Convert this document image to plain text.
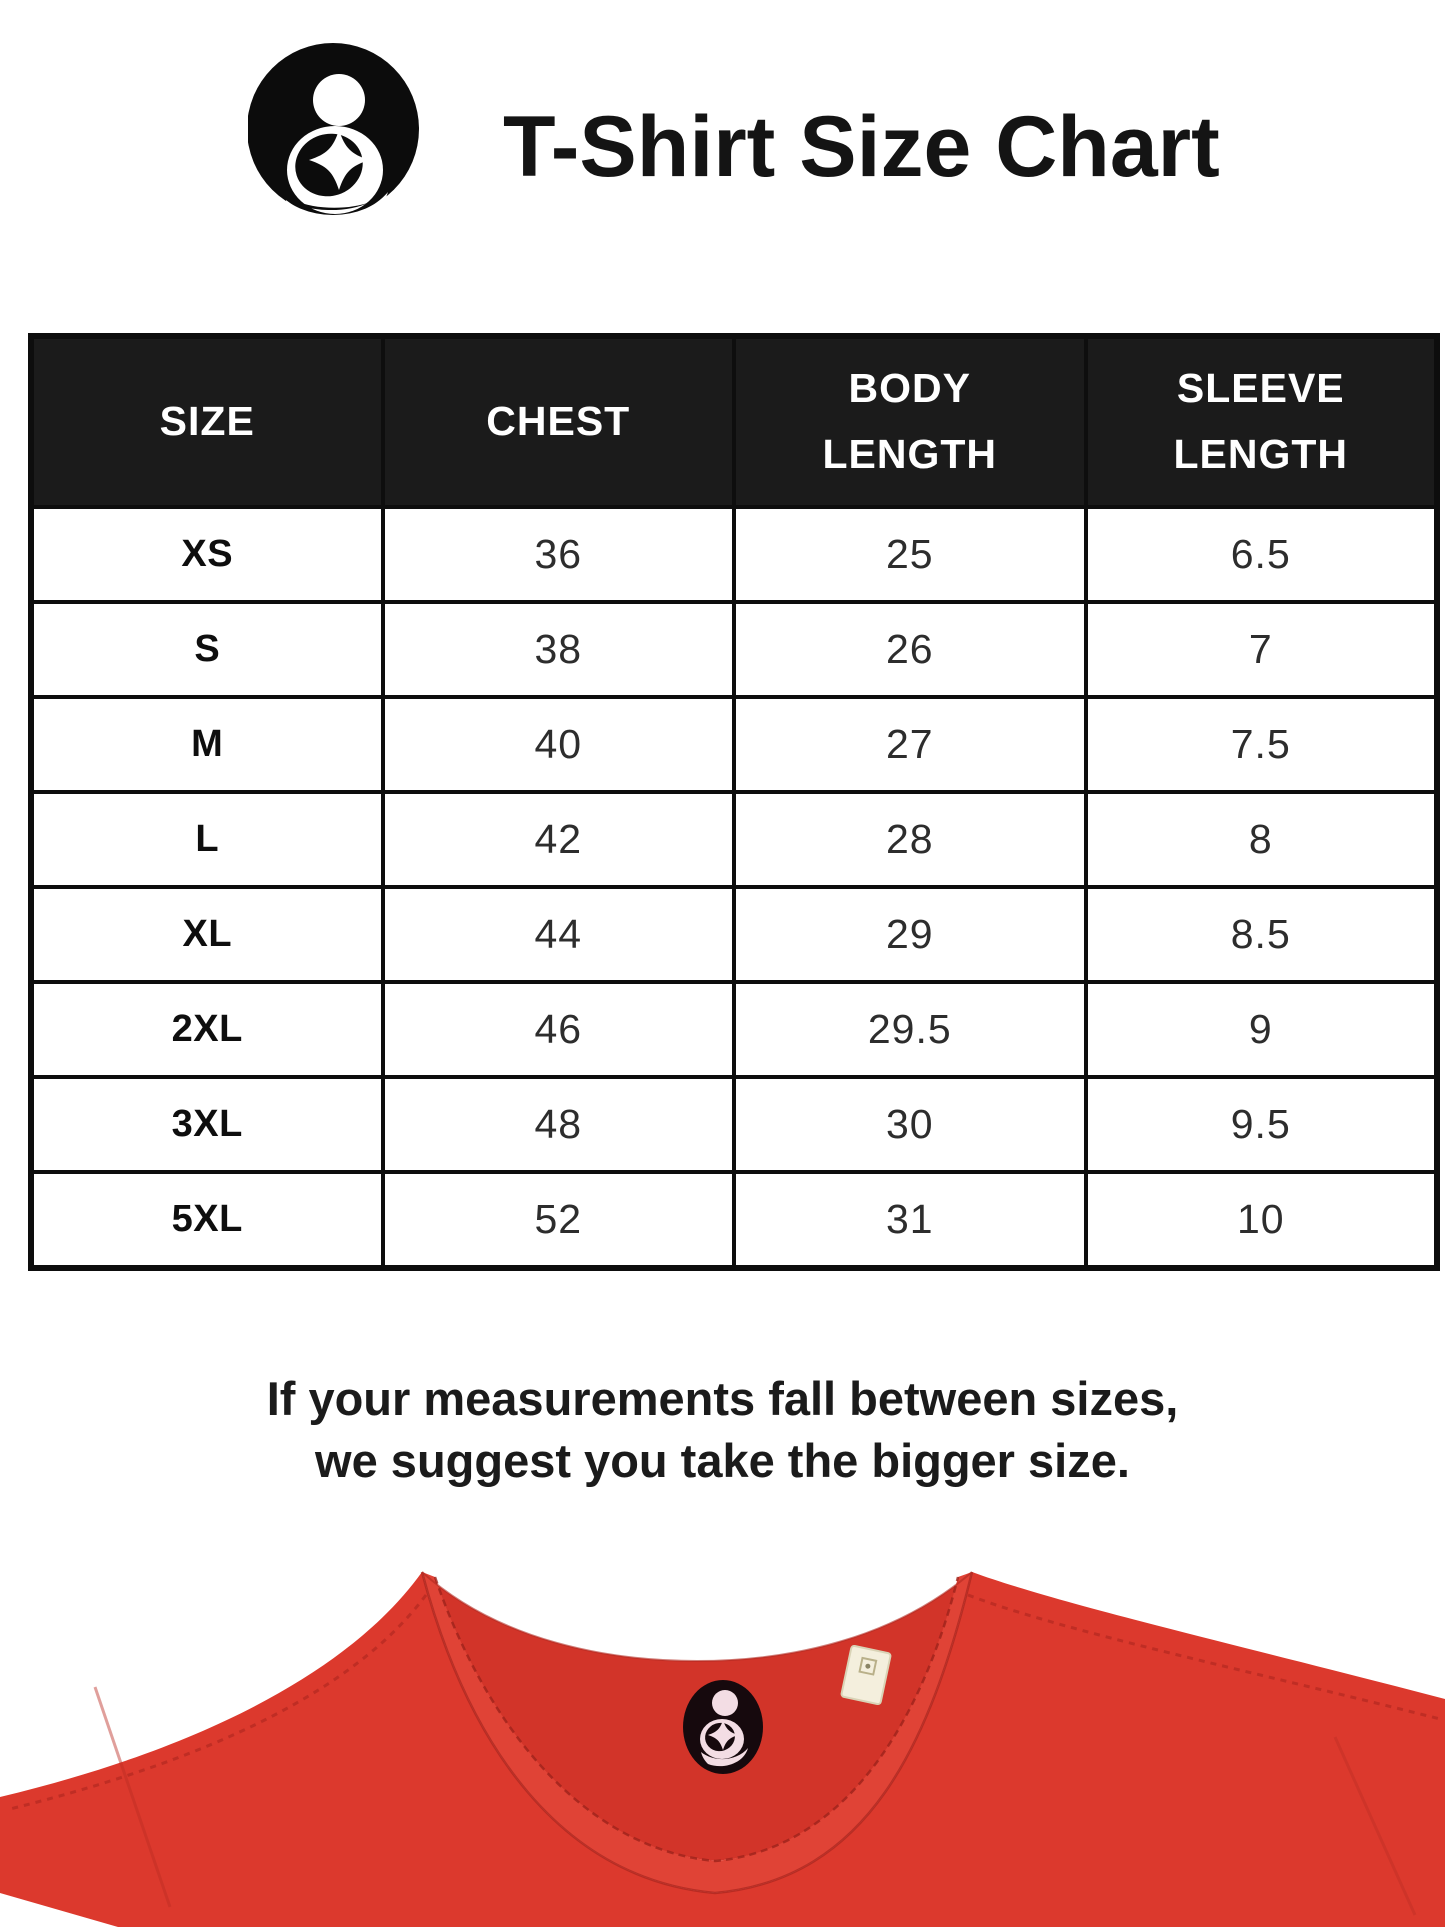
T-Shirt Size Chart
SIZE	CHEST	BODY LENGTH	SLEEVE LENGTH
XS	36	25	6.5
S	38	26	7
M	40	27	7.5
L	42	28	8
XL	44	29	8.5
2XL	46	29.5	9
3XL	48	30	9.5
5XL	52	31	10
If your measurements fall between sizes,
we suggest you take the bigger size.
